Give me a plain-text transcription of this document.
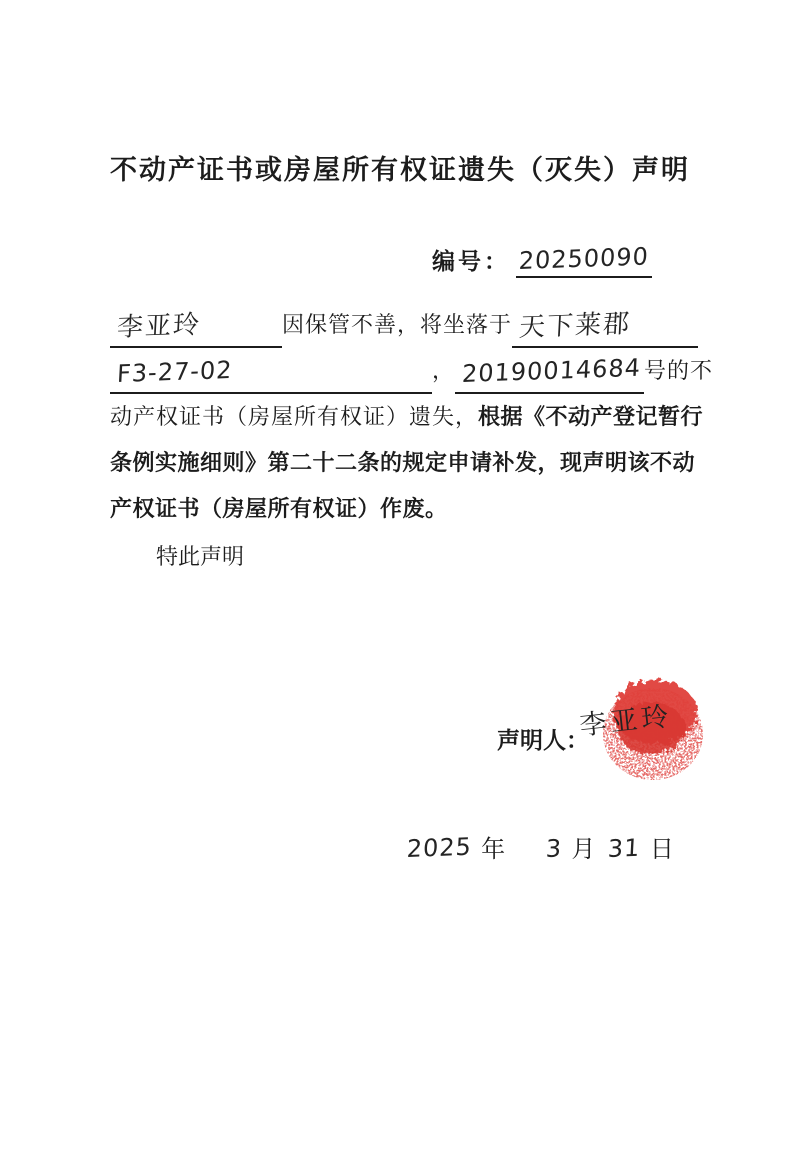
不动产证书或房屋所有权证遗失（灭失）声明
编号： 20250090
李亚玲	因保管不善，将坐落于 天下莱郡
F3-27-02	， 20190014684 号的不
动产权证书（房屋所有权证）遗失，根据《不动产登记暂行
条例实施细则》第二十二条的规定申请补发，现声明该不动
产权证书（房屋所有权证）作废。
特此声明
声明人：
李亚玲
2025 年 3 月 31 日
